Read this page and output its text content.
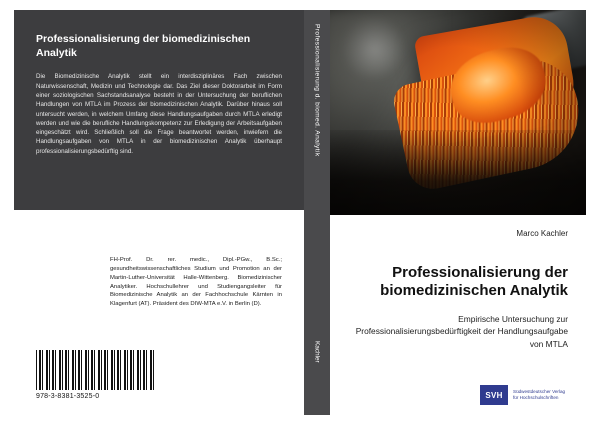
Professionalisierung der biomedizinischen Analytik
Die Biomedizinische Analytik stellt ein interdisziplinäres Fach zwischen Naturwissenschaft, Medizin und Technologie dar. Das Ziel dieser Doktorarbeit im Form einer soziologischen Sachstandsanalyse besteht in der Untersuchung der beruflichen Handlungen von MTLA im Prozess der biomedizinischen Analytik. Darüber hinaus soll untersucht werden, in welchem Umfang diese Handlungsaufgaben durch MTLA erledigt werden und wie die berufliche Handlungskompetenz zur Erledigung der Arbeitsaufgaben eingeschätzt wird. Schließlich soll die Frage beantwortet werden, inwiefern die Handlungsaufgaben von MTLA in der biomedizinischen Analytik überhaupt professionalisierungsbedürftig sind.
FH-Prof. Dr. rer. medic., Dipl.-PGw., B.Sc.; gesundheitswissenschaftliches Studium und Promotion an der Martin-Luther-Universität Halle-Wittenberg. Biomedizinischer Analytiker. Hochschullehrer und Studiengangsleiter für Biomedizinische Analytik an der Fachhochschule Kärnten in Klagenfurt (AT). Präsident des DIW-MTA e.V. in Berlin (D).
978-3-8381-3525-0
Professionalisierung d. biomed. Analytik
Kachler
Marco Kachler
Professionalisierung der biomedizinischen Analytik
Empirische Untersuchung zur Professionalisierungsbedürftigkeit der Handlungsaufgabe von MTLA
SVH	Südwestdeutscher Verlag
für Hochschulschriften
